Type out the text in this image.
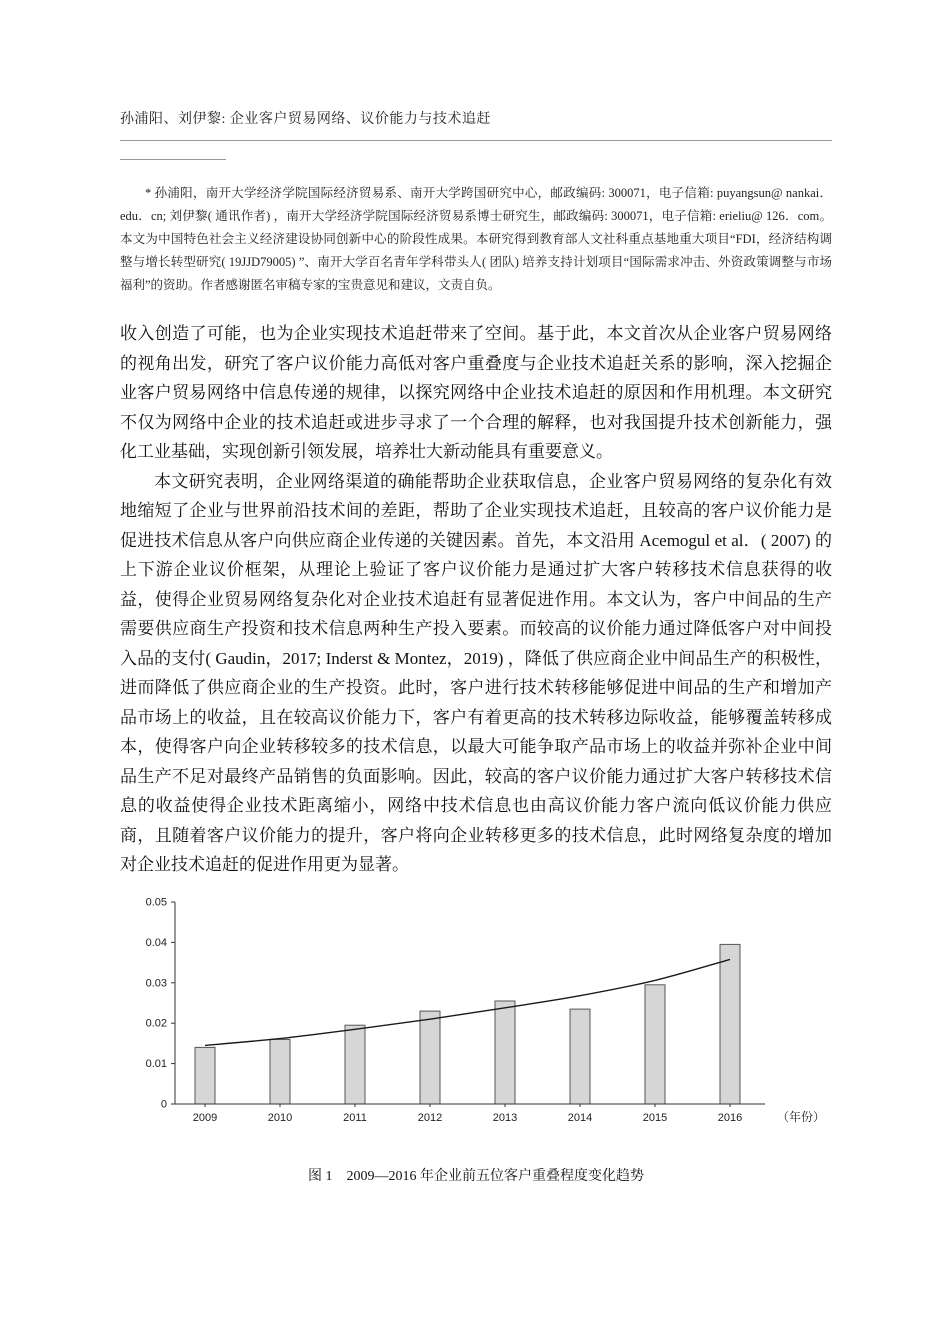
孙浦阳、刘伊黎: 企业客户贸易网络、议价能力与技术追赶

* 孙浦阳，南开大学经济学院国际经济贸易系、南开大学跨国研究中心，邮政编码: 300071，电子信箱: puyangsun@ nankai．edu．cn; 刘伊黎( 通讯作者) ，南开大学经济学院国际经济贸易系博士研究生，邮政编码: 300071，电子信箱: erieliu@ 126．com。本文为中国特色社会主义经济建设协同创新中心的阶段性成果。本研究得到教育部人文社科重点基地重大项目“FDI，经济结构调整与增长转型研究( 19JJD79005) ”、南开大学百名青年学科带头人( 团队) 培养支持计划项目“国际需求冲击、外资政策调整与市场福利”的资助。作者感谢匿名审稿专家的宝贵意见和建议，文责自负。

收入创造了可能，也为企业实现技术追赶带来了空间。基于此，本文首次从企业客户贸易网络的视角出发，研究了客户议价能力高低对客户重叠度与企业技术追赶关系的影响，深入挖掘企业客户贸易网络中信息传递的规律，以探究网络中企业技术追赶的原因和作用机理。本文研究不仅为网络中企业的技术追赶或进步寻求了一个合理的解释，也对我国提升技术创新能力，强化工业基础，实现创新引领发展，培养壮大新动能具有重要意义。

本文研究表明，企业网络渠道的确能帮助企业获取信息，企业客户贸易网络的复杂化有效地缩短了企业与世界前沿技术间的差距，帮助了企业实现技术追赶，且较高的客户议价能力是促进技术信息从客户向供应商企业传递的关键因素。首先，本文沿用 Acemogul et al．( 2007) 的上下游企业议价框架，从理论上验证了客户议价能力是通过扩大客户转移技术信息获得的收益，使得企业贸易网络复杂化对企业技术追赶有显著促进作用。本文认为，客户中间品的生产需要供应商生产投资和技术信息两种生产投入要素。而较高的议价能力通过降低客户对中间投入品的支付( Gaudin，2017; Inderst & Montez，2019) ，降低了供应商企业中间品生产的积极性，进而降低了供应商企业的生产投资。此时，客户进行技术转移能够促进中间品的生产和增加产品市场上的收益，且在较高议价能力下，客户有着更高的技术转移边际收益，能够覆盖转移成本，使得客户向企业转移较多的技术信息，以最大可能争取产品市场上的收益并弥补企业中间品生产不足对最终产品销售的负面影响。因此，较高的客户议价能力通过扩大客户转移技术信息的收益使得企业技术距离缩小，网络中技术信息也由高议价能力客户流向低议价能力供应商，且随着客户议价能力的提升，客户将向企业转移更多的技术信息，此时网络复杂度的增加对企业技术追赶的促进作用更为显著。

0
0.01
0.02
0.03
0.04
0.05
2009	2010	2011	2012	2013	2014	2015	2016	（年份）
图 1　2009—2016 年企业前五位客户重叠程度变化趋势
